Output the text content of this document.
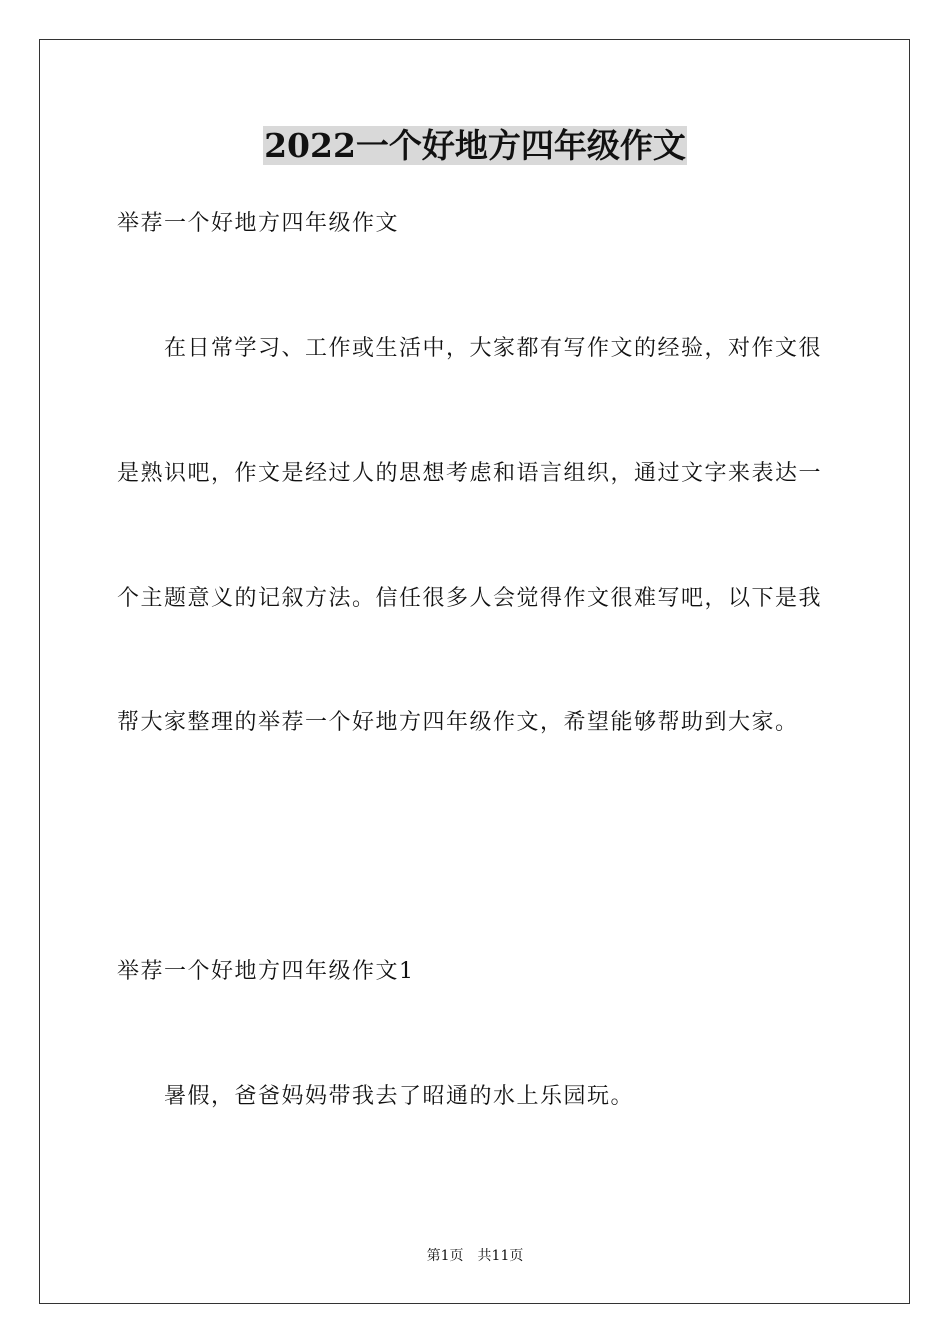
2022一个好地方四年级作文
举荐一个好地方四年级作文
　　在日常学习、工作或生活中，大家都有写作文的经验，对作文很
是熟识吧，作文是经过人的思想考虑和语言组织，通过文字来表达一
个主题意义的记叙方法。信任很多人会觉得作文很难写吧，以下是我
帮大家整理的举荐一个好地方四年级作文，希望能够帮助到大家。
举荐一个好地方四年级作文1
　　暑假，爸爸妈妈带我去了昭通的水上乐园玩。
第1页 共11页
